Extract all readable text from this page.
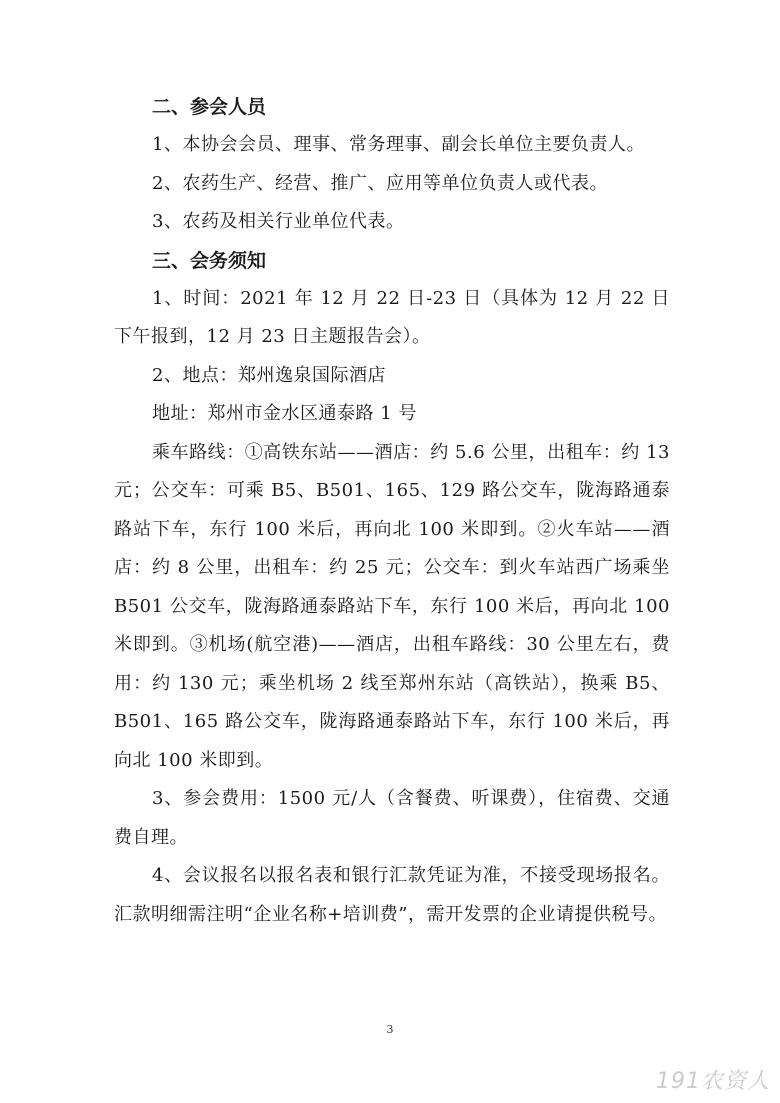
二、参会人员

1、本协会会员、理事、常务理事、副会长单位主要负责人。

2、农药生产、经营、推广、应用等单位负责人或代表。

3、农药及相关行业单位代表。

三、会务须知

1、时间：2021 年 12 月 22 日-23 日（具体为 12 月 22 日下午报到，12 月 23 日主题报告会）。

2、地点：郑州逸泉国际酒店

地址：郑州市金水区通泰路 1 号

乘车路线：①高铁东站——酒店：约 5.6 公里，出租车：约 13 元；公交车：可乘 B5、B501、165、129 路公交车，陇海路通泰路站下车，东行 100 米后，再向北 100 米即到。②火车站——酒店：约 8 公里，出租车：约 25 元；公交车：到火车站西广场乘坐 B501 公交车，陇海路通泰路站下车，东行 100 米后，再向北 100 米即到。③机场(航空港)——酒店，出租车路线：30 公里左右，费用：约 130 元；乘坐机场 2 线至郑州东站（高铁站），换乘 B5、B501、165 路公交车，陇海路通泰路站下车，东行 100 米后，再向北 100 米即到。

3、参会费用：1500 元/人（含餐费、听课费），住宿费、交通费自理。

4、会议报名以报名表和银行汇款凭证为准，不接受现场报名。汇款明细需注明“企业名称+培训费”，需开发票的企业请提供税号。

3
191农资人
